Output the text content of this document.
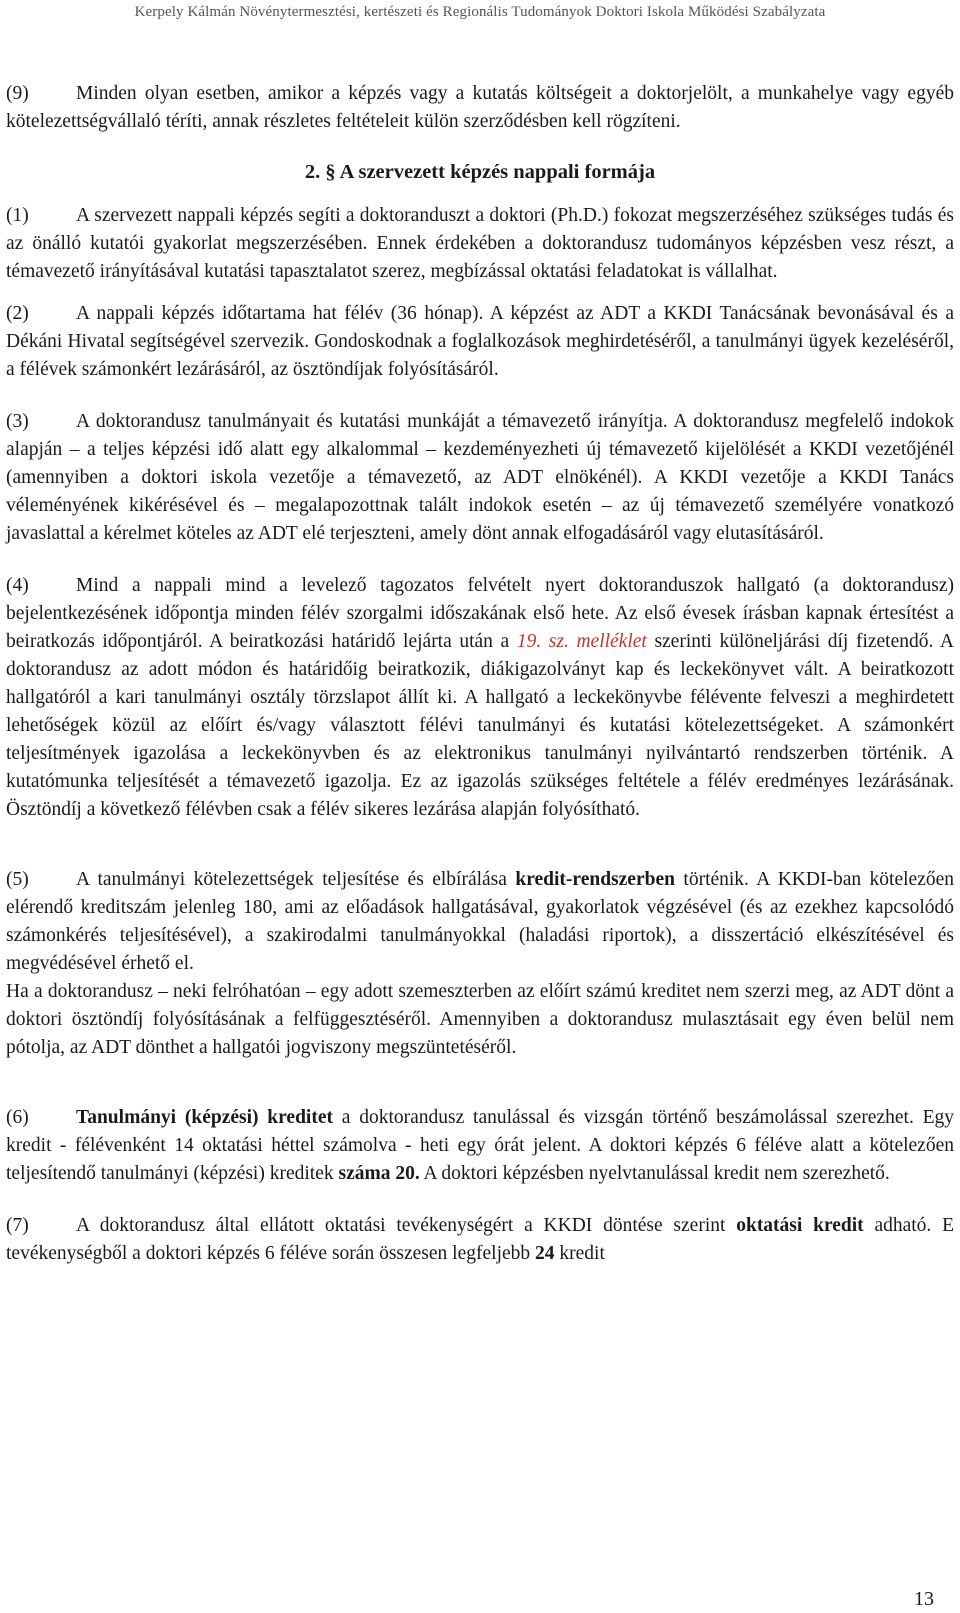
Kerpely Kálmán Növénytermesztési, kertészeti és Regionális Tudományok Doktori Iskola Működési Szabályzata

(9) Minden olyan esetben, amikor a képzés vagy a kutatás költségeit a doktorjelölt, a munkahelye vagy egyéb kötelezettségvállaló téríti, annak részletes feltételeit külön szerződésben kell rögzíteni.

2. § A szervezett képzés nappali formája

(1) A szervezett nappali képzés segíti a doktoranduszt a doktori (Ph.D.) fokozat megszerzéséhez szükséges tudás és az önálló kutatói gyakorlat megszerzésében. Ennek érdekében a doktorandusz tudományos képzésben vesz részt, a témavezető irányításával kutatási tapasztalatot szerez, megbízással oktatási feladatokat is vállalhat.

(2) A nappali képzés időtartama hat félév (36 hónap). A képzést az ADT a KKDI Tanácsának bevonásával és a Dékáni Hivatal segítségével szervezik. Gondoskodnak a foglalkozások meghirdetéséről, a tanulmányi ügyek kezeléséről, a félévek számonkért lezárásáról, az ösztöndíjak folyósításáról.

(3) A doktorandusz tanulmányait és kutatási munkáját a témavezető irányítja. A doktorandusz megfelelő indokok alapján – a teljes képzési idő alatt egy alkalommal – kezdeményezheti új témavezető kijelölését a KKDI vezetőjénél (amennyiben a doktori iskola vezetője a témavezető, az ADT elnökénél). A KKDI vezetője a KKDI Tanács véleményének kikérésével és – megalapozottnak talált indokok esetén – az új témavezető személyére vonatkozó javaslattal a kérelmet köteles az ADT elé terjeszteni, amely dönt annak elfogadásáról vagy elutasításáról.

(4) Mind a nappali mind a levelező tagozatos felvételt nyert doktoranduszok hallgató (a doktorandusz) bejelentkezésének időpontja minden félév szorgalmi időszakának első hete. Az első évesek írásban kapnak értesítést a beiratkozás időpontjáról. A beiratkozási határidő lejárta után a 19. sz. melléklet szerinti különeljárási díj fizetendő. A doktorandusz az adott módon és határidőig beiratkozik, diákigazolványt kap és leckekönyvet vált. A beiratkozott hallgatóról a kari tanulmányi osztály törzslapot állít ki. A hallgató a leckekönyvbe félévente felveszi a meghirdetett lehetőségek közül az előírt és/vagy választott félévi tanulmányi és kutatási kötelezettségeket. A számonkért teljesítmények igazolása a leckekönyvben és az elektronikus tanulmányi nyilvántartó rendszerben történik. A kutatómunka teljesítését a témavezető igazolja. Ez az igazolás szükséges feltétele a félév eredményes lezárásának. Ösztöndíj a következő félévben csak a félév sikeres lezárása alapján folyósítható.

(5) A tanulmányi kötelezettségek teljesítése és elbírálása kredit-rendszerben történik. A KKDI-ban kötelezően elérendő kreditszám jelenleg 180, ami az előadások hallgatásával, gyakorlatok végzésével (és az ezekhez kapcsolódó számonkérés teljesítésével), a szakirodalmi tanulmányokkal (haladási riportok), a disszertáció elkészítésével és megvédésével érhető el.

Ha a doktorandusz – neki felróhatóan – egy adott szemeszterben az előírt számú kreditet nem szerzi meg, az ADT dönt a doktori ösztöndíj folyósításának a felfüggesztéséről. Amennyiben a doktorandusz mulasztásait egy éven belül nem pótolja, az ADT dönthet a hallgatói jogviszony megszüntetéséről.

(6) Tanulmányi (képzési) kreditet a doktorandusz tanulással és vizsgán történő beszámolással szerezhet. Egy kredit - félévenként 14 oktatási héttel számolva - heti egy órát jelent. A doktori képzés 6 féléve alatt a kötelezően teljesítendő tanulmányi (képzési) kreditek száma 20. A doktori képzésben nyelvtanulással kredit nem szerezhető.

(7) A doktorandusz által ellátott oktatási tevékenységért a KKDI döntése szerint oktatási kredit adható. E tevékenységből a doktori képzés 6 féléve során összesen legfeljebb 24 kredit

13
